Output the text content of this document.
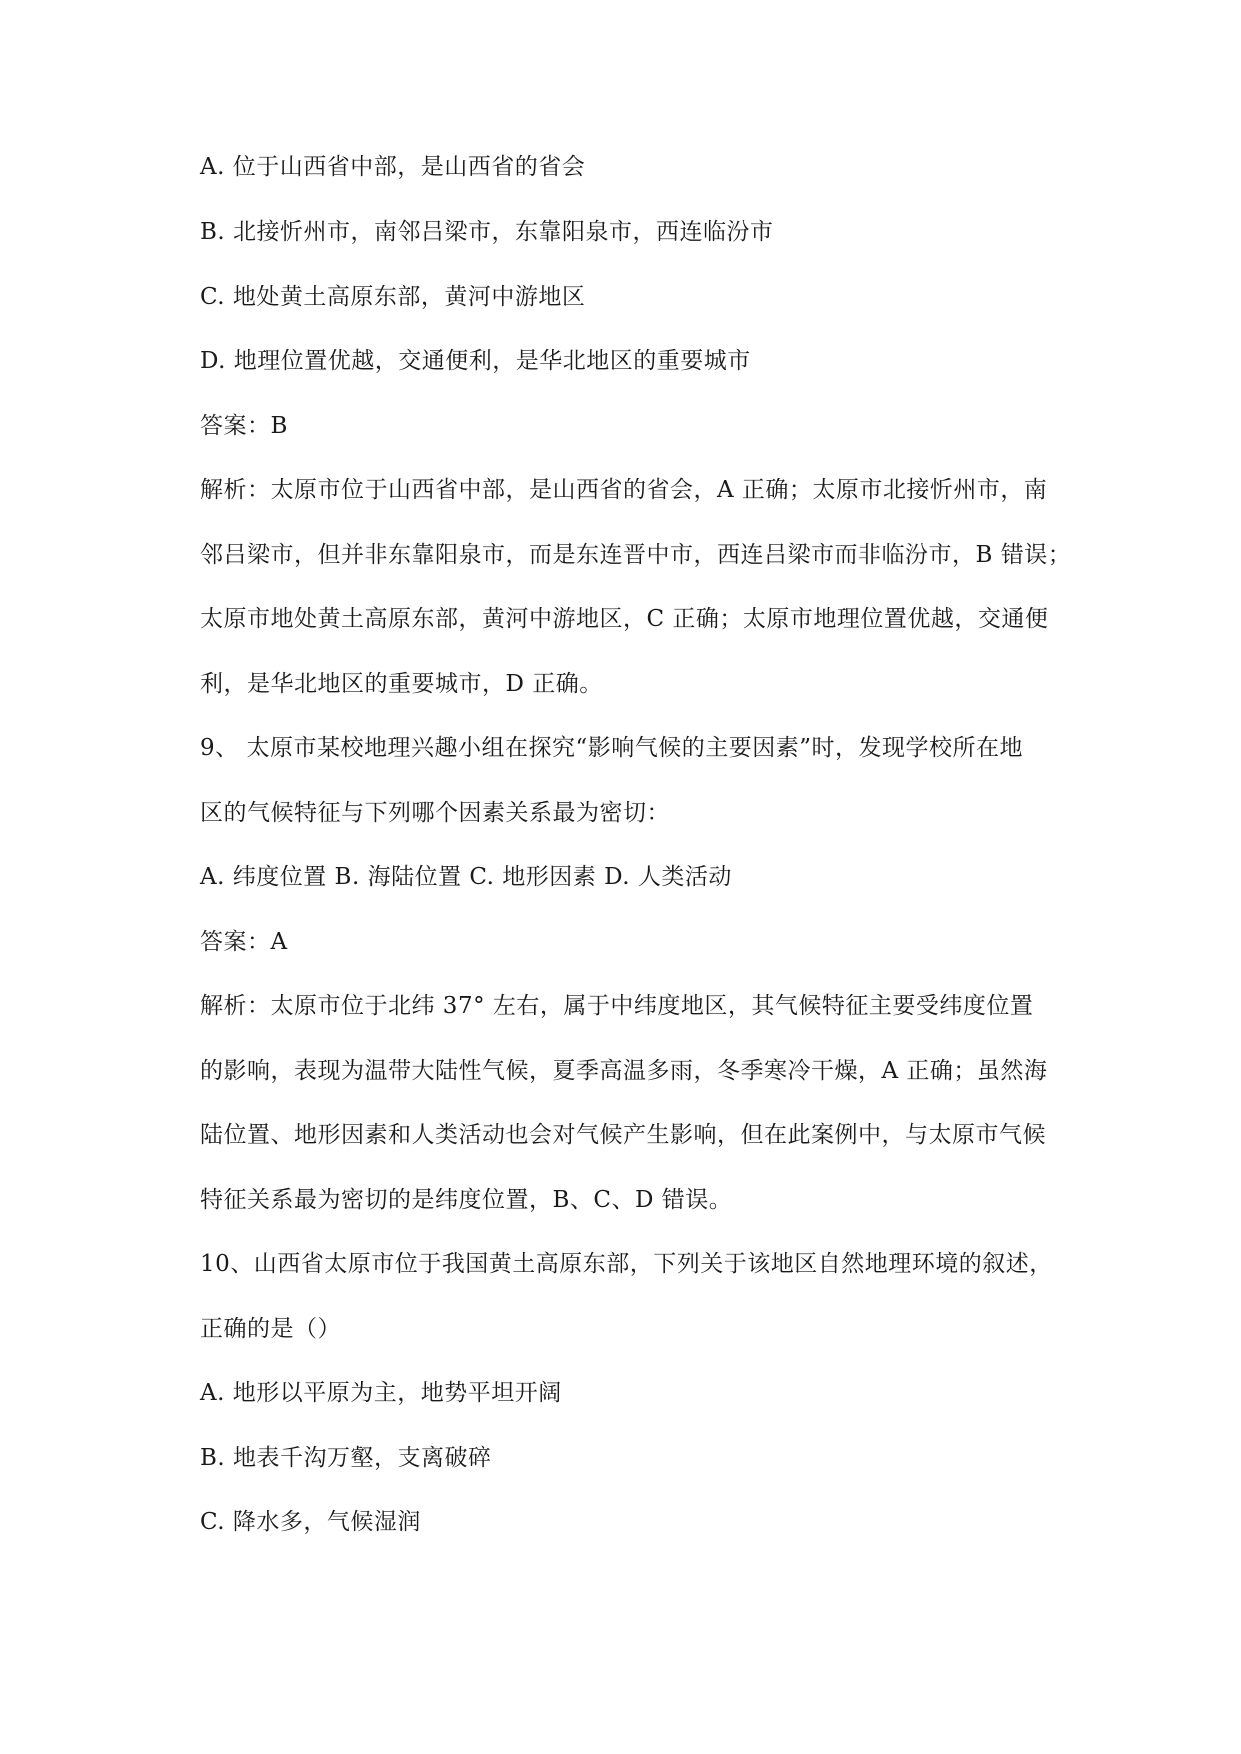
A. 位于山西省中部，是山西省的省会
B. 北接忻州市，南邻吕梁市，东靠阳泉市，西连临汾市
C. 地处黄土高原东部，黄河中游地区
D. 地理位置优越，交通便利，是华北地区的重要城市
答案：B
解析：太原市位于山西省中部，是山西省的省会，A 正确；太原市北接忻州市，南
邻吕梁市，但并非东靠阳泉市，而是东连晋中市，西连吕梁市而非临汾市，B 错误；
太原市地处黄土高原东部，黄河中游地区，C 正确；太原市地理位置优越，交通便
利，是华北地区的重要城市，D 正确。
9、 太原市某校地理兴趣小组在探究“影响气候的主要因素”时，发现学校所在地
区的气候特征与下列哪个因素关系最为密切：
A. 纬度位置 B. 海陆位置 C. 地形因素 D. 人类活动
答案：A
解析：太原市位于北纬 37° 左右，属于中纬度地区，其气候特征主要受纬度位置
的影响，表现为温带大陆性气候，夏季高温多雨，冬季寒冷干燥，A 正确；虽然海
陆位置、地形因素和人类活动也会对气候产生影响，但在此案例中，与太原市气候
特征关系最为密切的是纬度位置，B、C、D 错误。
10、山西省太原市位于我国黄土高原东部，下列关于该地区自然地理环境的叙述，
正确的是（）
A. 地形以平原为主，地势平坦开阔
B. 地表千沟万壑，支离破碎
C. 降水多，气候湿润
